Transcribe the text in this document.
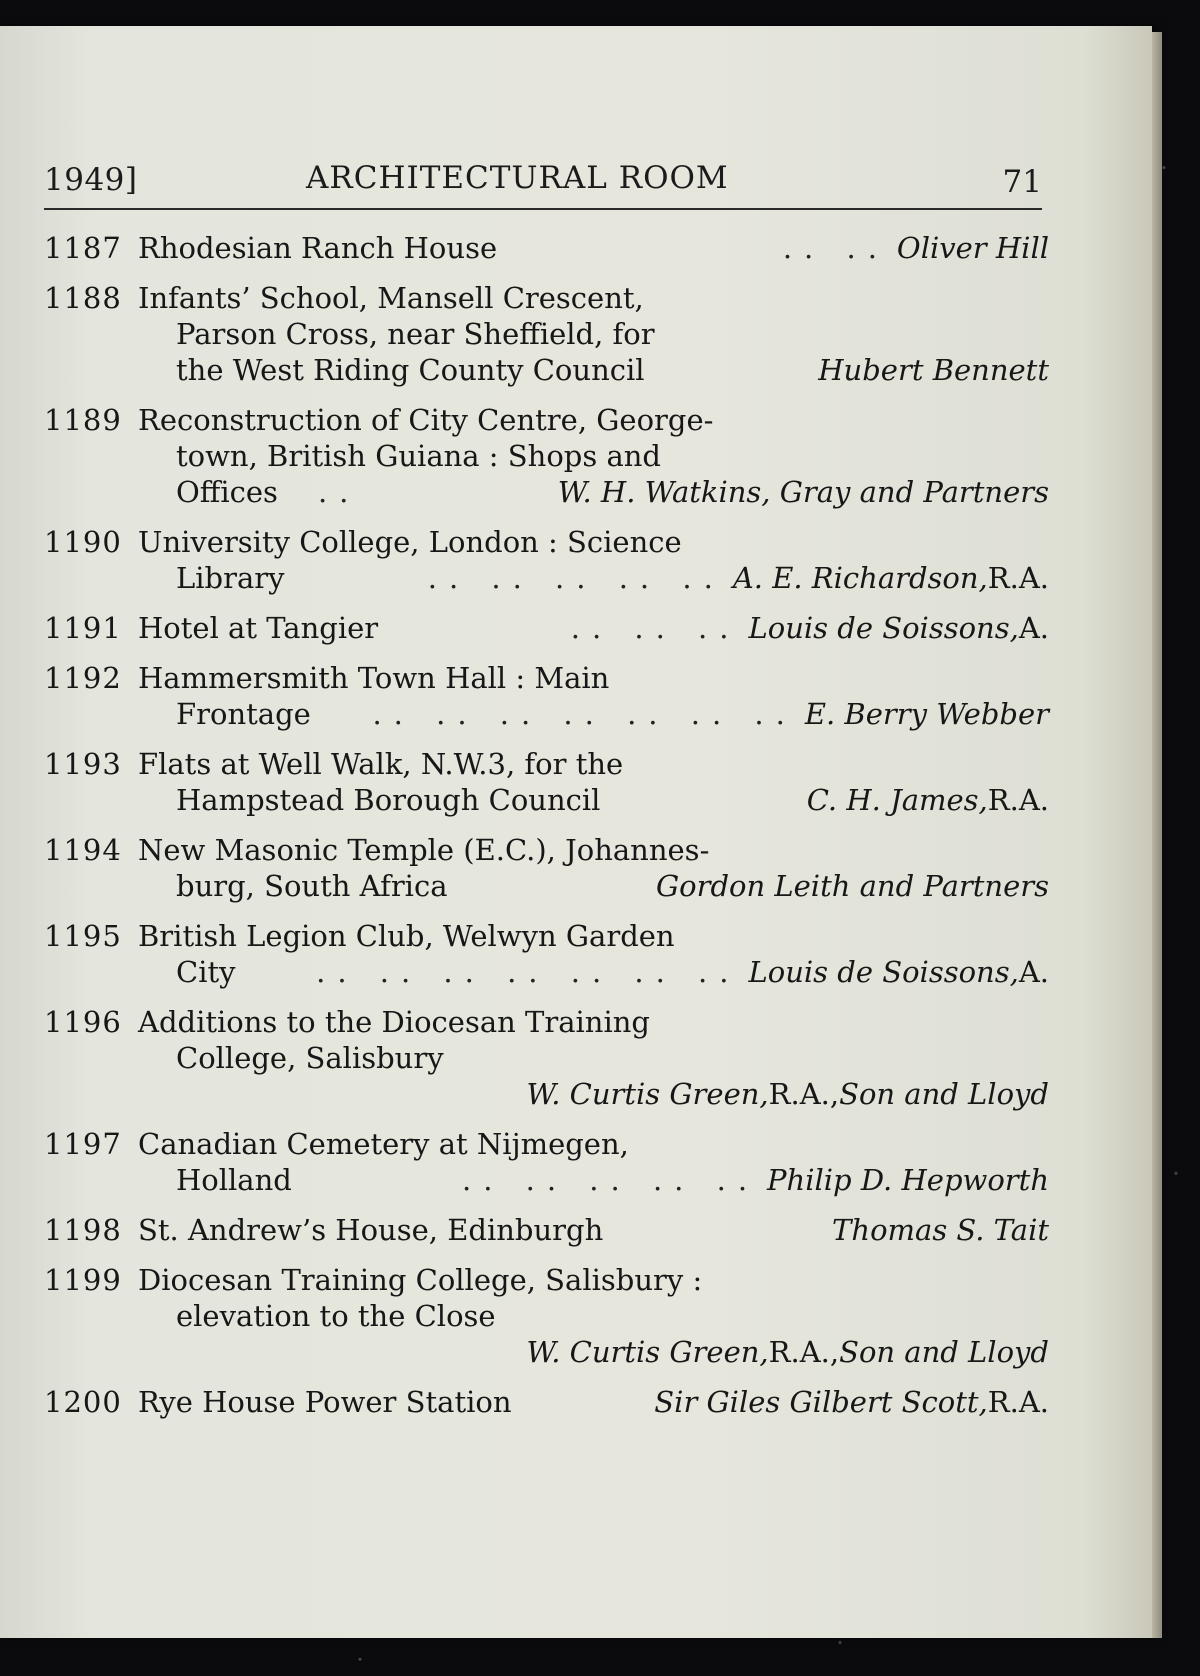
1949]	ARCHITECTURAL ROOM	71
1187 Rhodesian Ranch House	.. .. Oliver Hill
1188 Infants’ School, Mansell Crescent,
Parson Cross, near Sheffield, for
the West Riding County Council	Hubert Bennett
1189 Reconstruction of City Centre, George-
town, British Guiana : Shops and
Offices ..	W. H. Watkins, Gray and Partners
1190 University College, London : Science
Library	.. .. .. .. .. A. E. Richardson, R.A.
1191 Hotel at Tangier	.. .. .. Louis de Soissons, A.
1192 Hammersmith Town Hall : Main
Frontage	.. .. .. .. .. .. .. E. Berry Webber
1193 Flats at Well Walk, N.W.3, for the
Hampstead Borough Council	C. H. James, R.A.
1194 New Masonic Temple (E.C.), Johannes-
burg, South Africa	Gordon Leith and Partners
1195 British Legion Club, Welwyn Garden
City	.. .. .. .. .. .. .. Louis de Soissons, A.
1196 Additions to the Diocesan Training
College, Salisbury
W. Curtis Green, R.A., Son and Lloyd
1197 Canadian Cemetery at Nijmegen,
Holland	.. .. .. .. .. Philip D. Hepworth
1198 St. Andrew’s House, Edinburgh	Thomas S. Tait
1199 Diocesan Training College, Salisbury :
elevation to the Close
W. Curtis Green, R.A., Son and Lloyd
1200 Rye House Power Station	Sir Giles Gilbert Scott, R.A.
